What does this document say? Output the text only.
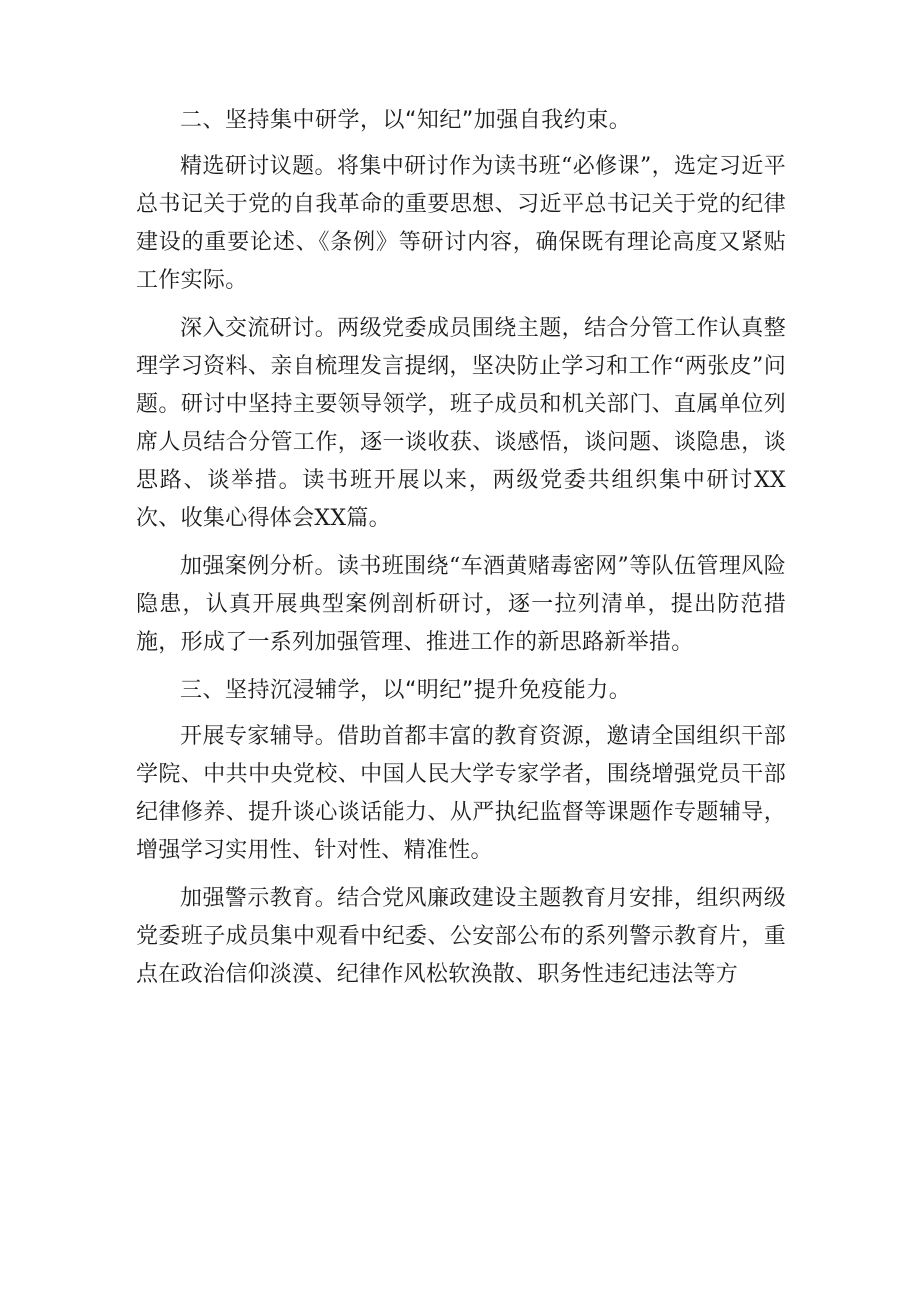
二、坚持集中研学，以“知纪”加强自我约束。

精选研讨议题。将集中研讨作为读书班“必修课”，选定习近平总书记关于党的自我革命的重要思想、习近平总书记关于党的纪律建设的重要论述、《条例》等研讨内容，确保既有理论高度又紧贴工作实际。

深入交流研讨。两级党委成员围绕主题，结合分管工作认真整理学习资料、亲自梳理发言提纲，坚决防止学习和工作“两张皮”问题。研讨中坚持主要领导领学，班子成员和机关部门、直属单位列席人员结合分管工作，逐一谈收获、谈感悟，谈问题、谈隐患，谈思路、谈举措。读书班开展以来，两级党委共组织集中研讨XX次、收集心得体会XX篇。

加强案例分析。读书班围绕“车酒黄赌毒密网”等队伍管理风险隐患，认真开展典型案例剖析研讨，逐一拉列清单，提出防范措施，形成了一系列加强管理、推进工作的新思路新举措。

三、坚持沉浸辅学，以“明纪”提升免疫能力。

开展专家辅导。借助首都丰富的教育资源，邀请全国组织干部学院、中共中央党校、中国人民大学专家学者，围绕增强党员干部纪律修养、提升谈心谈话能力、从严执纪监督等课题作专题辅导，增强学习实用性、针对性、精准性。

加强警示教育。结合党风廉政建设主题教育月安排，组织两级党委班子成员集中观看中纪委、公安部公布的系列警示教育片，重点在政治信仰淡漠、纪律作风松软涣散、职务性违纪违法等方
